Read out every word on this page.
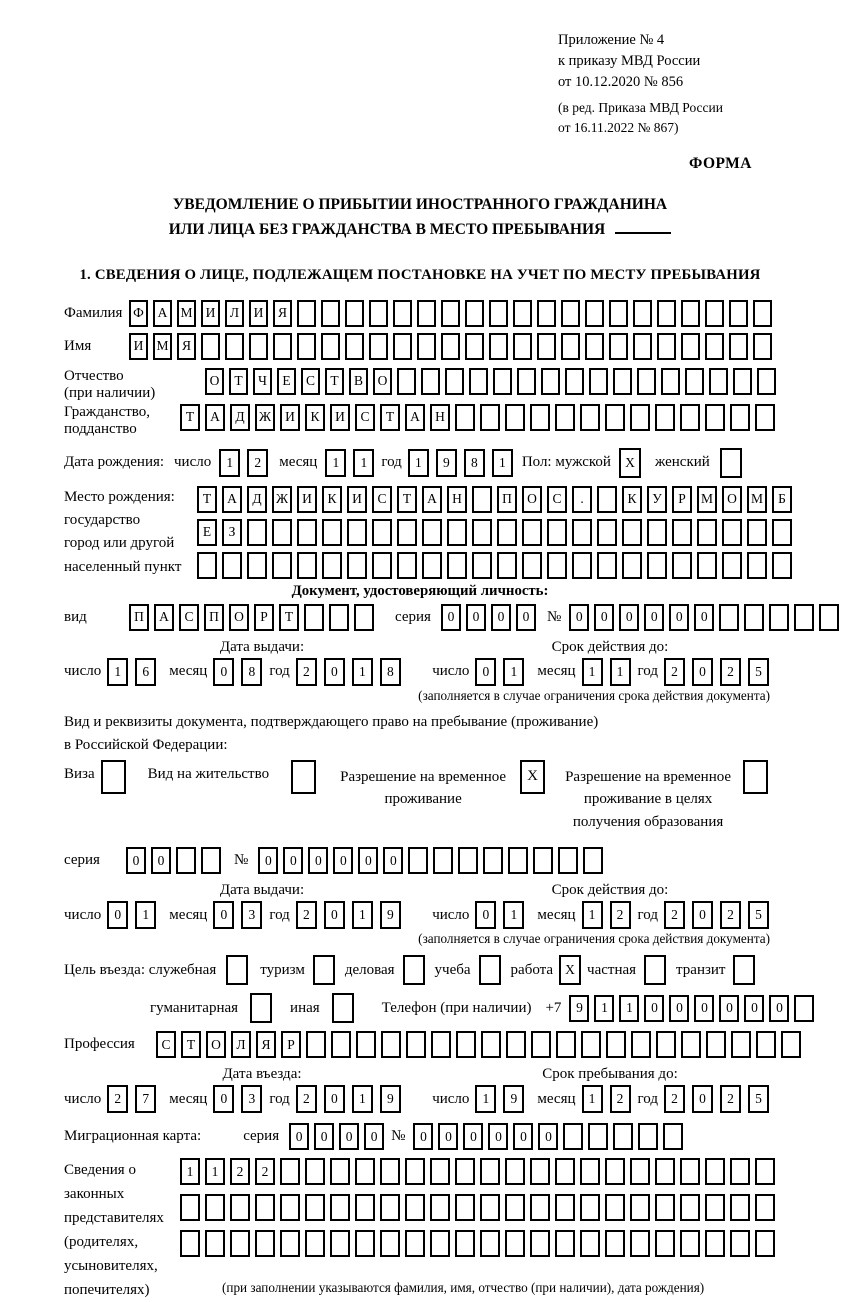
Приложение № 4
к приказу МВД России
от 10.12.2020 № 856
(в ред. Приказа МВД России
от 16.11.2022 № 867)
ФОРМА
УВЕДОМЛЕНИЕ О ПРИБЫТИИ ИНОСТРАННОГО ГРАЖДАНИНА
ИЛИ ЛИЦА БЕЗ ГРАЖДАНСТВА В МЕСТО ПРЕБЫВАНИЯ
1. СВЕДЕНИЯ О ЛИЦЕ, ПОДЛЕЖАЩЕМ ПОСТАНОВКЕ НА УЧЕТ ПО МЕСТУ ПРЕБЫВАНИЯ
Фамилия Ф	А М И	Л	И	Я
Имя	И М Я
Отчество
(при наличии)
О	Т	Ч	Е	С	Т	В	О
Гражданство,
подданство
Т	А	Д	Ж	И	К	И	С	Т	А	Н
Дата рождения: число	1	2	месяц	1	1 год 1	9	8	1	Пол: мужской	X	женский
Место рождения:
государство
город или другой
населенный пункт
Т	А	Д	Ж	И	К	И	С	Т	А	Н	П	О	С	.	К	У	Р	М	О	М	Б
Е	З
Документ, удостоверяющий личность:
вид	П	А	С	П	О	Р	Т	серия	0	0	0	0	№	0	0	0	0	0	0
Дата выдачи:	Срок действия до:
число 1	6	месяц 0	8 год 2	0	1	8	число 0	1	месяц 1	1 год 2	0	2	5
(заполняется в случае ограничения срока действия документа)
Вид и реквизиты документа, подтверждающего право на пребывание (проживание)
в Российской Федерации:
Виза	Вид на жительство	Разрешение на временное
проживание
X	Разрешение на временное
проживание в целях
получения образования
серия	0	0	№	0	0	0	0	0	0
Дата выдачи:	Срок действия до:
число 0	1	месяц 0	3 год 2	0	1	9	число 0	1	месяц 1	2 год 2	0	2	5
(заполняется в случае ограничения срока действия документа)
Цель въезда: служебная	туризм	деловая	учеба	работа X частная	транзит
гуманитарная	иная	Телефон (при наличии) +7	9	1	1	0	0	0	0	0	0
Профессия	С	Т	О	Л	Я	Р
Дата въезда:	Срок пребывания до:
число 2	7	месяц 0	3 год 2	0	1	9	число 1	9	месяц 1	2 год 2	0	2	5
Миграционная карта:	серия	0	0	0	0 №	0	0	0	0	0	0
Сведения о
законных
представителях
(родителях,
усыновителях,
попечителях)
1	1	2	2
(при заполнении указываются фамилия, имя, отчество (при наличии), дата рождения)
